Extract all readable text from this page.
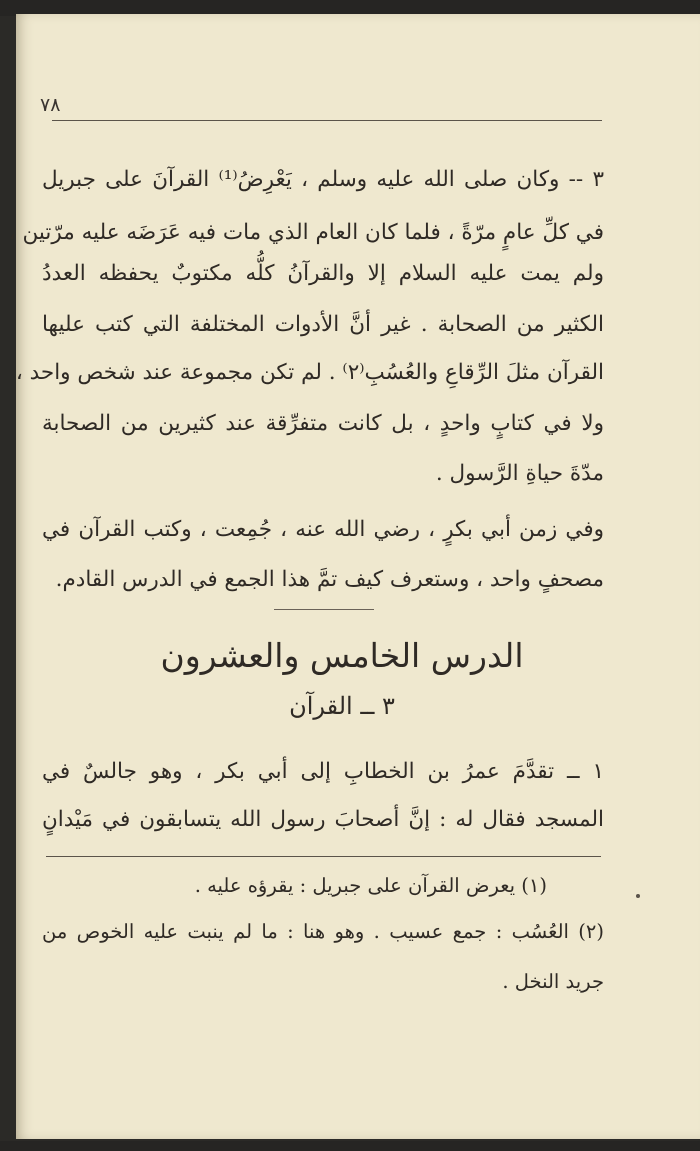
٧٨
٣ -- وكان صلى الله عليه وسلم ، يَعْرِضُ⁽¹⁾ القرآنَ على جبريل
في كلِّ عامٍ مرّةً ، فلما كان العام الذي مات فيه عَرَضَه عليه مرّتين ،
ولم يمت عليه السلام إلا والقرآنُ كلُّه مكتوبٌ يحفظه العددُ
الكثير من الصحابة . غير أنَّ الأدوات المختلفة التي كتب عليها
القرآن مثلَ الرِّقاعِ والعُسُبِ⁽٢⁾ . لم تكن مجموعة عند شخص واحد ،
ولا في كتابٍ واحدٍ ، بل كانت متفرِّقة عند كثيرين من الصحابة
مدّةَ حياةِ الرَّسول .
وفي زمن أبي بكرٍ ، رضي الله عنه ، جُمِعت ، وكتب القرآن في
مصحفٍ واحد ، وستعرف كيف تمَّ هذا الجمع في الدرس القادم.
الدرس الخامس والعشرون
٣ ــ القرآن
١ ــ تقدَّمَ عمرُ بن الخطابِ إلى أبي بكر ، وهو جالسٌ في
المسجد فقال له : إنَّ أصحابَ رسول الله يتسابقون في مَيْدانٍ
(١) يعرض القرآن على جبريل : يقرؤه عليه .
(٢) العُسُب : جمع عسيب . وهو هنا : ما لم ينبت عليه الخوص من
جريد النخل .
